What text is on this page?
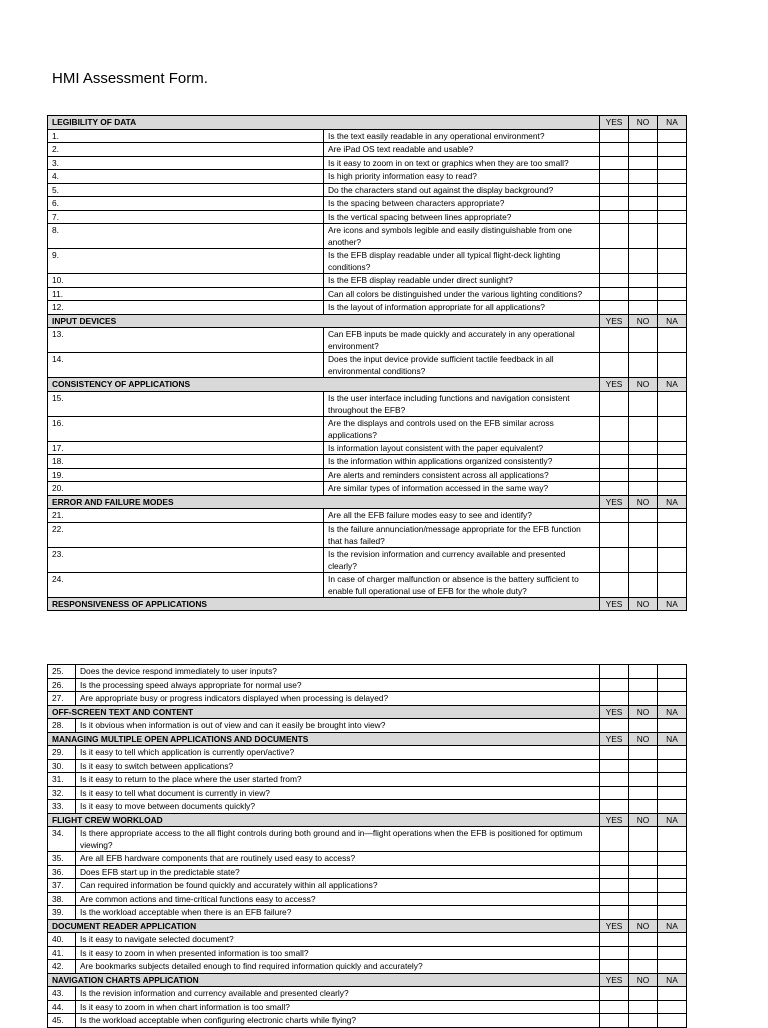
HMI Assessment Form.
LEGIBILITY OF DATA		YES	NO	NA
1.	Is the text easily readable in any operational environment?			
2.	Are iPad OS text readable and usable?			
3.	Is it easy to zoom in on text or graphics when they are too small?			
4.	Is high priority information easy to read?			
5.	Do the characters stand out against the display background?			
6.	Is the spacing between characters appropriate?			
7.	Is the vertical spacing between lines appropriate?			
8.	Are icons and symbols legible and easily distinguishable from one another?			
9.	Is the EFB display readable under all typical flight-deck lighting conditions?			
10.	Is the EFB display readable under direct sunlight?			
11.	Can all colors be distinguished under the various lighting conditions?			
12.	Is the layout of information appropriate for all applications?			
INPUT DEVICES		YES	NO	NA
13.	Can EFB inputs be made quickly and accurately in any operational environment?			
14.	Does the input device provide sufficient tactile feedback in all environmental conditions?			
CONSISTENCY OF APPLICATIONS		YES	NO	NA
15.	Is the user interface including functions and navigation consistent throughout the EFB?			
16.	Are the displays and controls used on the EFB similar across applications?			
17.	Is information layout consistent with the paper equivalent?			
18.	Is the information within applications organized consistently?			
19.	Are alerts and reminders consistent across all applications?			
20.	Are similar types of information accessed in the same way?			
ERROR AND FAILURE MODES		YES	NO	NA
21.	Are all the EFB failure modes easy to see and identify?			
22.	Is the failure annunciation/message appropriate for the EFB function that has failed?			
23.	Is the revision information and currency available and presented clearly?			
24.	In case of charger malfunction or absence is the battery sufficient to enable full operational use of EFB for the whole duty?			
RESPONSIVENESS OF APPLICATIONS		YES	NO	NA
25.	Does the device respond immediately to user inputs?			
26.	Is the processing speed always appropriate for normal use?			
27.	Are appropriate busy or progress indicators displayed when processing is delayed?			
OFF-SCREEN TEXT AND CONTENT		YES	NO	NA
28.	Is it obvious when information is out of view and can it easily be brought into view?			
MANAGING MULTIPLE OPEN APPLICATIONS AND DOCUMENTS		YES	NO	NA
29.	Is it easy to tell which application is currently open/active?			
30.	Is it easy to switch between applications?			
31.	Is it easy to return to the place where the user started from?			
32.	Is it easy to tell what document is currently in view?			
33.	Is it easy to move between documents quickly?			
FLIGHT CREW WORKLOAD		YES	NO	NA
34.	Is there appropriate access to the all flight controls during both ground and in—flight operations when the EFB is positioned for optimum viewing?			
35.	Are all EFB hardware components that are routinely used easy to access?			
36.	Does EFB start up in the predictable state?			
37.	Can required information be found quickly and accurately within all applications?			
38.	Are common actions and time-critical functions easy to access?			
39.	Is the workload acceptable when there is an EFB failure?			
DOCUMENT READER APPLICATION		YES	NO	NA
40.	Is it easy to navigate selected document?			
41.	Is it easy to zoom in when presented information is too small?			
42.	Are bookmarks subjects detailed enough to find required information quickly and accurately?			
NAVIGATION CHARTS APPLICATION		YES	NO	NA
43.	Is the revision information and currency available and presented clearly?			
44.	Is it easy to zoom in when chart information is too small?			
45.	Is the workload acceptable when configuring electronic charts while flying?			
